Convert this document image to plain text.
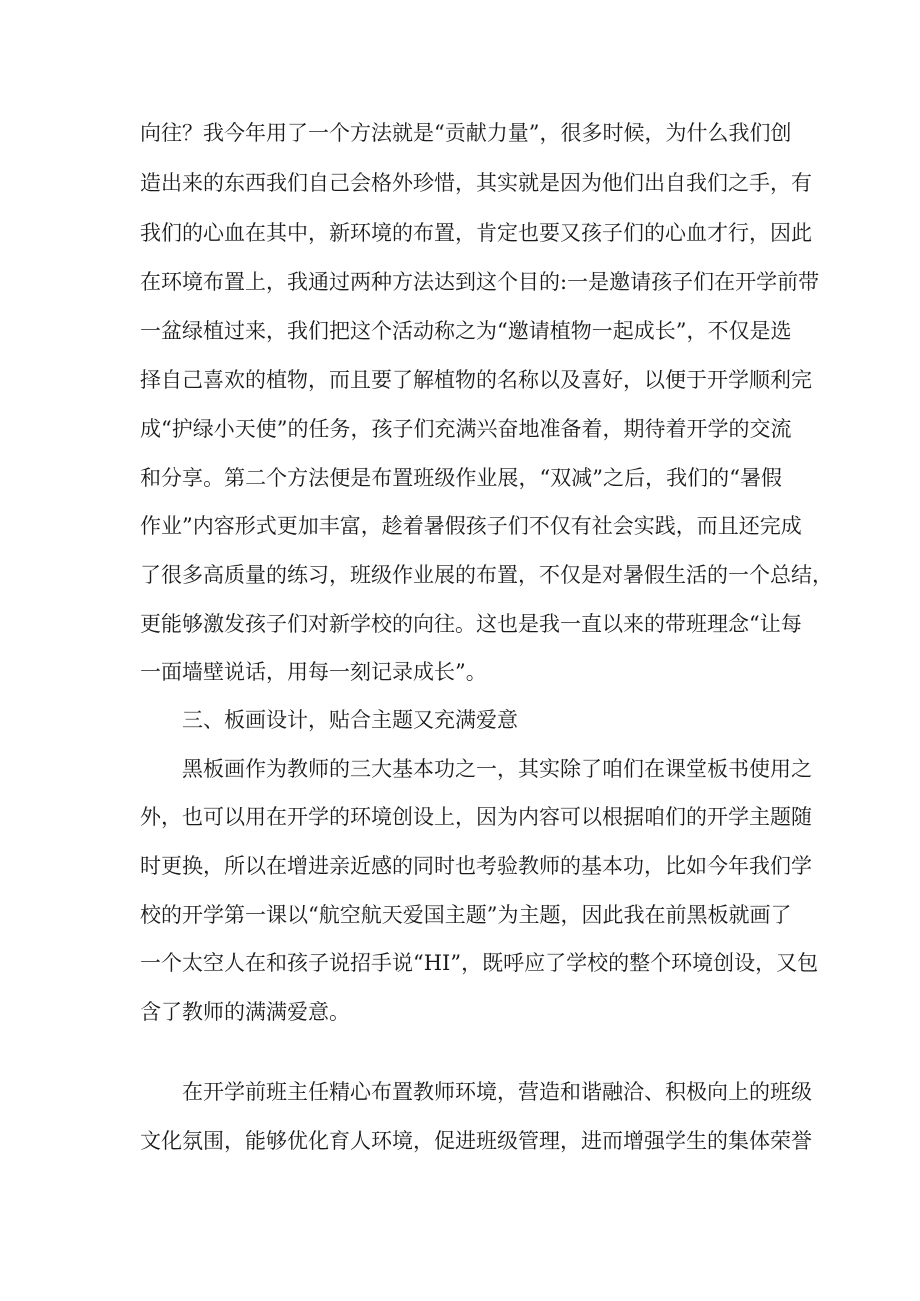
向往？我今年用了一个方法就是“贡献力量”，很多时候，为什么我们创
造出来的东西我们自己会格外珍惜，其实就是因为他们出自我们之手，有
我们的心血在其中，新环境的布置，肯定也要又孩子们的心血才行，因此
在环境布置上，我通过两种方法达到这个目的:一是邀请孩子们在开学前带
一盆绿植过来，我们把这个活动称之为“邀请植物一起成长”，不仅是选
择自己喜欢的植物，而且要了解植物的名称以及喜好，以便于开学顺利完
成“护绿小天使”的任务，孩子们充满兴奋地准备着，期待着开学的交流
和分享。第二个方法便是布置班级作业展，“双减”之后，我们的“暑假
作业”内容形式更加丰富，趁着暑假孩子们不仅有社会实践，而且还完成
了很多高质量的练习，班级作业展的布置，不仅是对暑假生活的一个总结，
更能够激发孩子们对新学校的向往。这也是我一直以来的带班理念“让每
一面墙壁说话，用每一刻记录成长”。
三、板画设计，贴合主题又充满爱意
黑板画作为教师的三大基本功之一，其实除了咱们在课堂板书使用之
外，也可以用在开学的环境创设上，因为内容可以根据咱们的开学主题随
时更换，所以在增进亲近感的同时也考验教师的基本功，比如今年我们学
校的开学第一课以“航空航天爱国主题”为主题，因此我在前黑板就画了
一个太空人在和孩子说招手说“HI”，既呼应了学校的整个环境创设，又包
含了教师的满满爱意。
在开学前班主任精心布置教师环境，营造和谐融洽、积极向上的班级
文化氛围，能够优化育人环境，促进班级管理，进而增强学生的集体荣誉
